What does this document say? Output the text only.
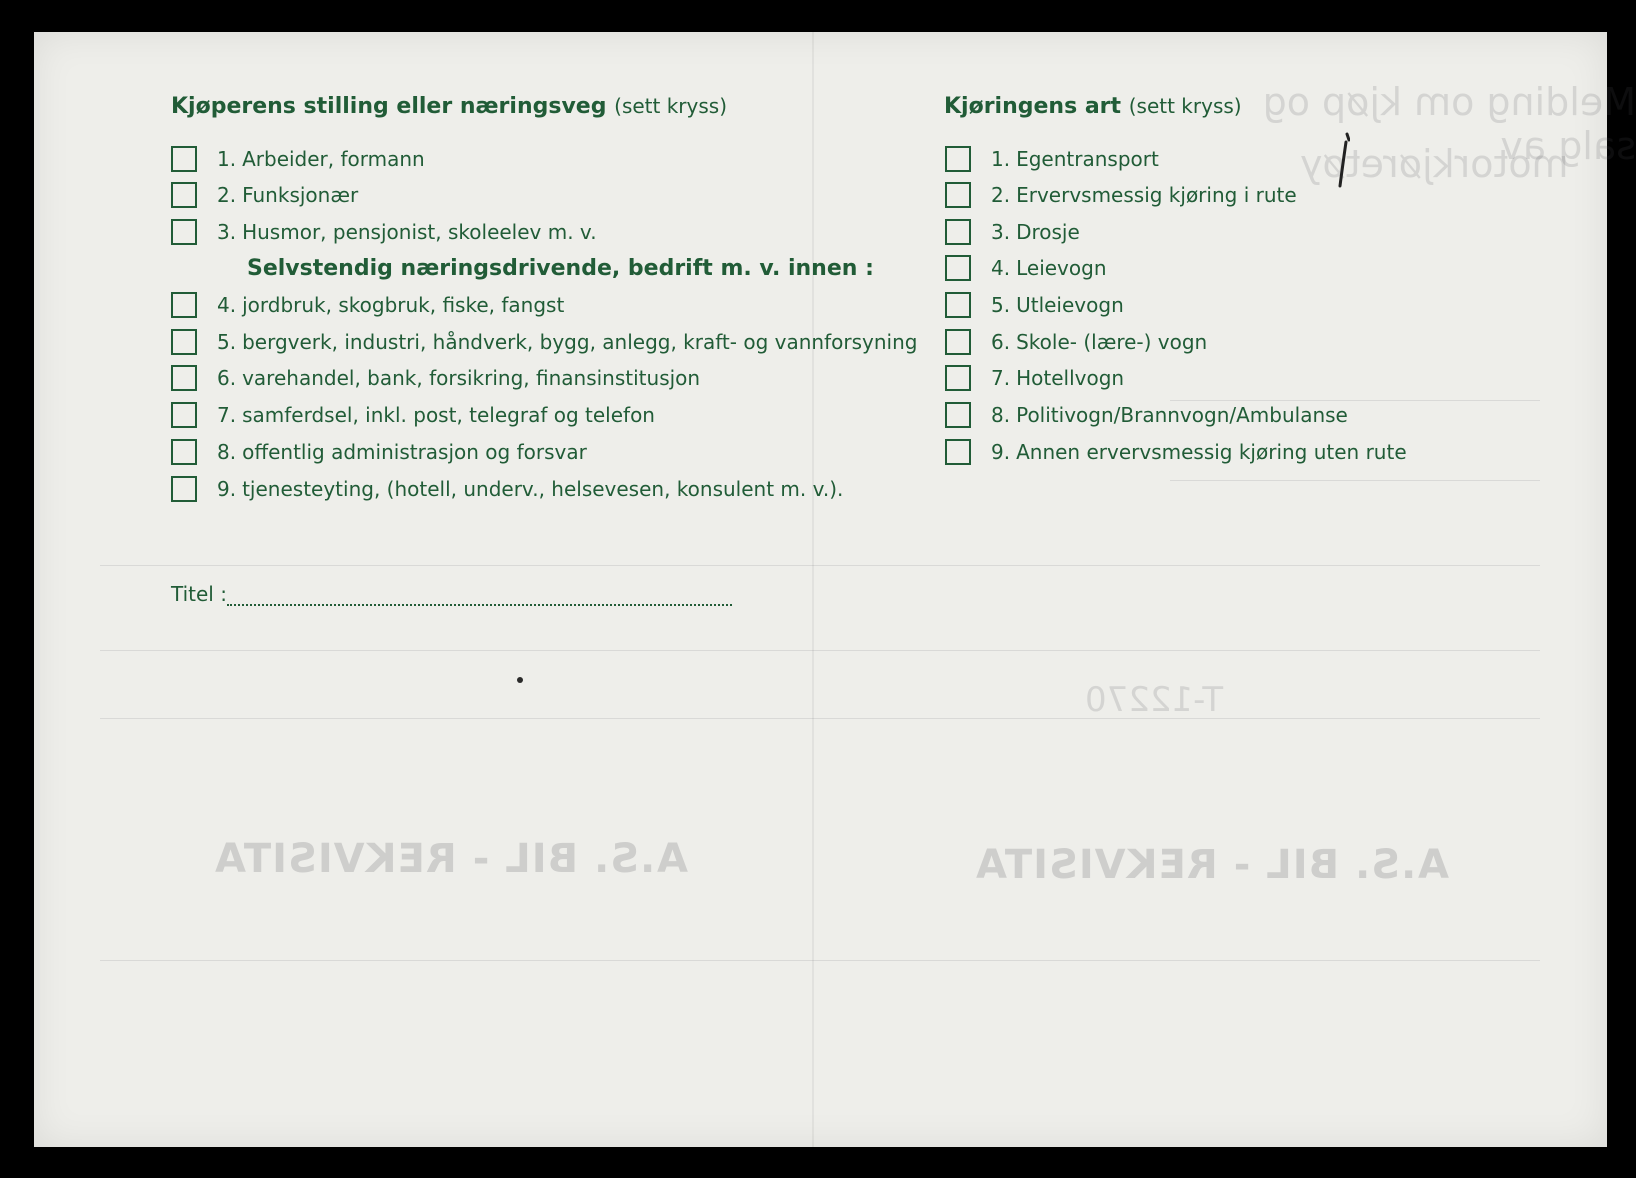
Melding om kjøp og salg av
motorkjøretøy
T-12270
A.S. BIL - REKVISITA	A.S. BIL - REKVISITA
Kjøperens stilling eller næringsveg (sett kryss)
1. Arbeider, formann
2. Funksjonær
3. Husmor, pensjonist, skoleelev m. v.
Selvstendig næringsdrivende, bedrift m. v. innen :
4. jordbruk, skogbruk, fiske, fangst
5. bergverk, industri, håndverk, bygg, anlegg, kraft- og vannforsyning
6. varehandel, bank, forsikring, finansinstitusjon
7. samferdsel, inkl. post, telegraf og telefon
8. offentlig administrasjon og forsvar
9. tjenesteyting, (hotell, underv., helsevesen, konsulent m. v.).
Titel :
Kjøringens art (sett kryss)
1. Egentransport
2. Ervervsmessig kjøring i rute
3. Drosje
4. Leievogn
5. Utleievogn
6. Skole- (lære-) vogn
7. Hotellvogn
8. Politivogn/Brannvogn/Ambulanse
9. Annen ervervsmessig kjøring uten rute
